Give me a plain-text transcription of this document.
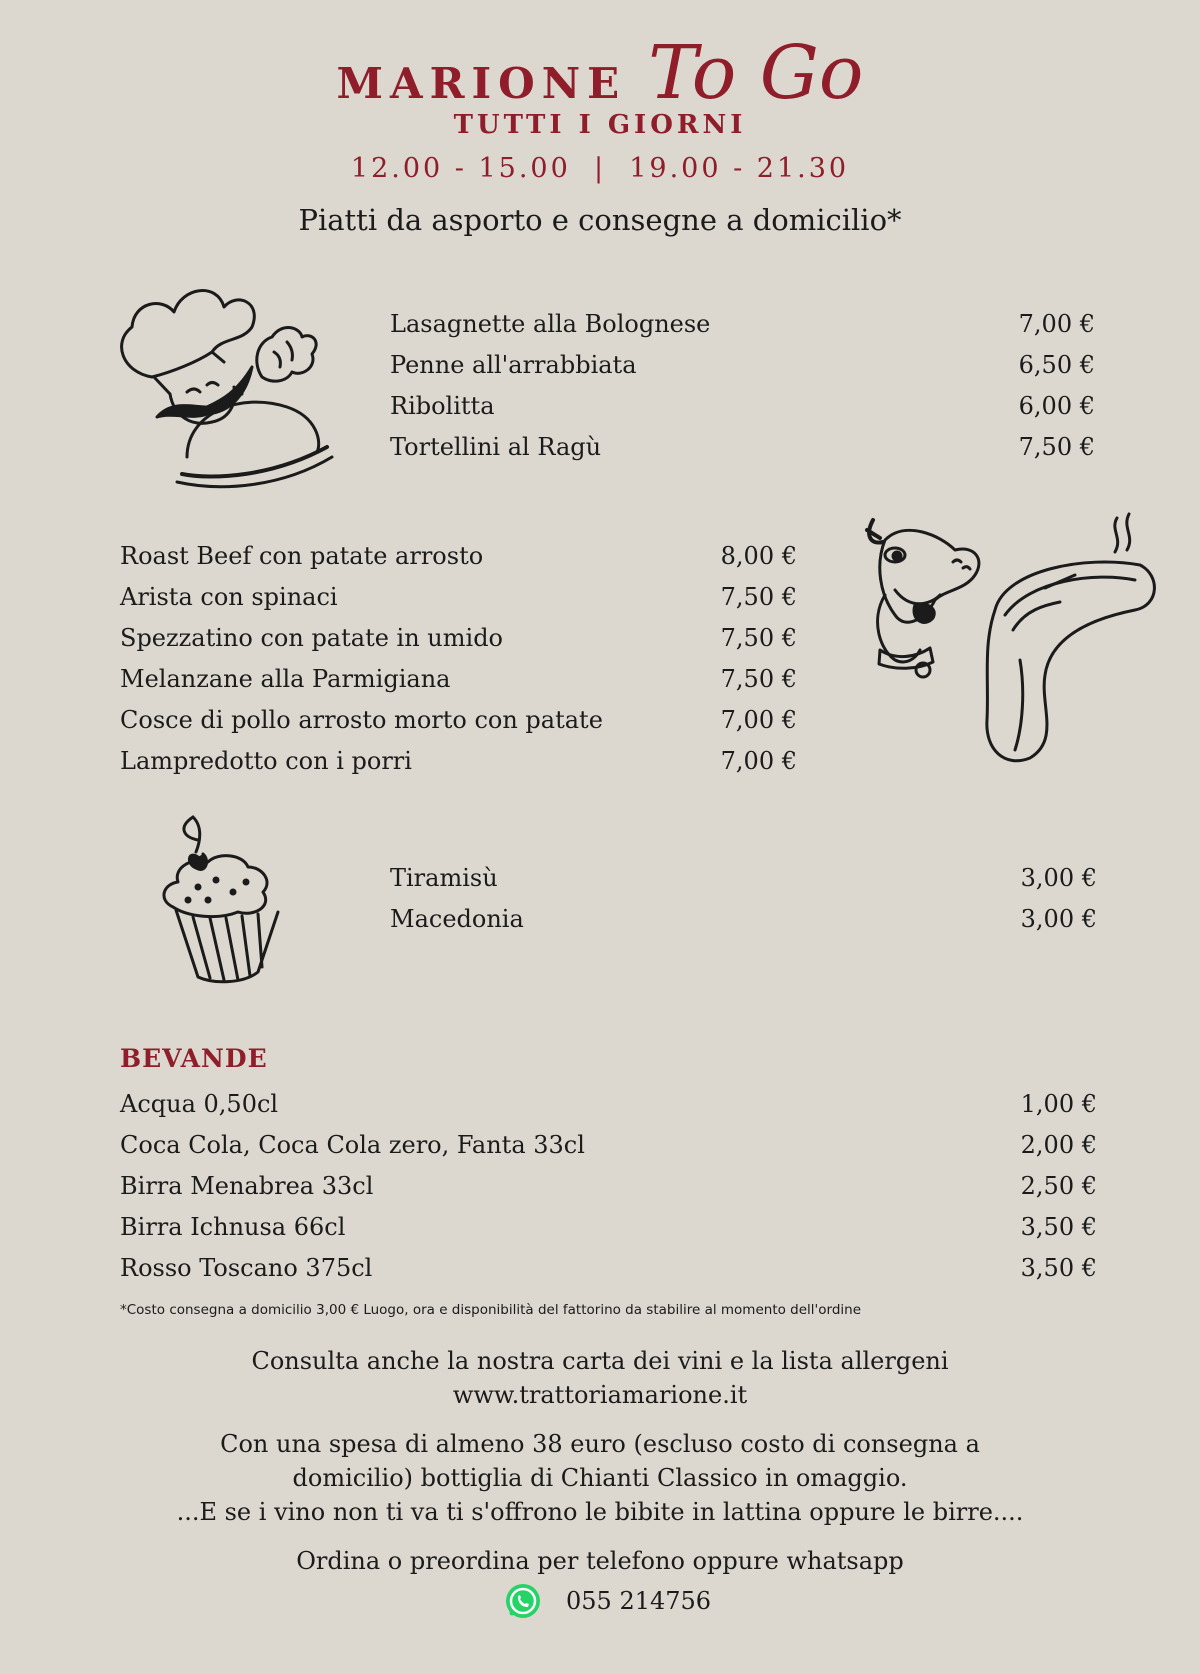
MARIONE To Go
TUTTI I GIORNI
12.00 - 15.00  |  19.00 - 21.30
Piatti da asporto e consegne a domicilio*
Lasagnette alla Bolognese	7,00 €
Penne all'arrabbiata	6,50 €
Ribolitta	6,00 €
Tortellini al Ragù	7,50 €
Roast Beef con patate arrosto	8,00 €
Arista con spinaci	7,50 €
Spezzatino con patate in umido	7,50 €
Melanzane alla Parmigiana	7,50 €
Cosce di pollo arrosto morto con patate	7,00 €
Lampredotto con i porri	7,00 €
Tiramisù	3,00 €
Macedonia	3,00 €
BEVANDE
Acqua 0,50cl	1,00 €
Coca Cola, Coca Cola zero, Fanta 33cl	2,00 €
Birra Menabrea 33cl	2,50 €
Birra Ichnusa 66cl	3,50 €
Rosso Toscano 375cl	3,50 €
*Costo consegna a domicilio 3,00 € Luogo, ora e disponibilità del fattorino da stabilire al momento dell'ordine
Consulta anche la nostra carta dei vini e la lista allergeni
www.trattoriamarione.it
Con una spesa di almeno 38 euro (escluso costo di consegna a
domicilio) bottiglia di Chianti Classico in omaggio.
...E se i vino non ti va ti s'offrono le bibite in lattina oppure le birre....
Ordina o preordina per telefono oppure whatsapp
055 214756
